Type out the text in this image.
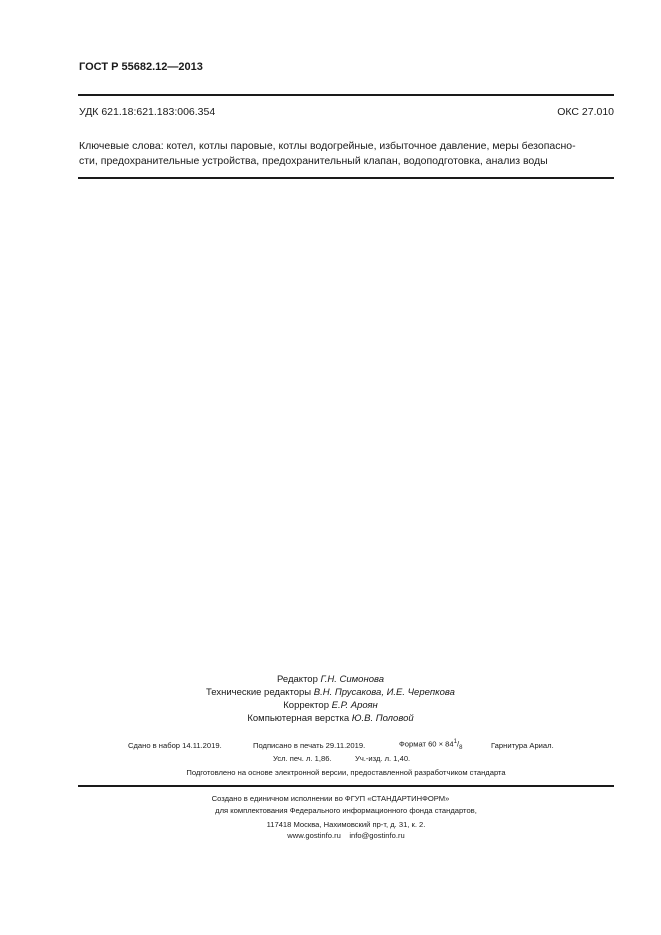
ГОСТ Р 55682.12—2013
УДК 621.18:621.183:006.354	ОКС 27.010
Ключевые слова: котел, котлы паровые, котлы водогрейные, избыточное давление, меры безопасно-
сти, предохранительные устройства, предохранительный клапан, водоподготовка, анализ воды
Редактор Г.Н. Симонова
Технические редакторы В.Н. Прусакова, И.Е. Черепкова
Корректор Е.Р. Ароян
Компьютерная верстка Ю.В. Половой
Сдано в набор 14.11.2019.	Подписано в печать 29.11.2019.	Формат $60 \times 84^1/_8$	Гарнитура Ариал.
Усл. печ. л. 1,86.	Уч.-изд. л. 1,40.
Подготовлено на основе электронной версии, предоставленной разработчиком стандарта
Создано в единичном исполнении во ФГУП «СТАНДАРТИНФОРМ»
для комплектования Федерального информационного фонда стандартов,
117418 Москва, Нахимовский пр-т, д. 31, к. 2.
www.gostinfo.ru info@gostinfo.ru
